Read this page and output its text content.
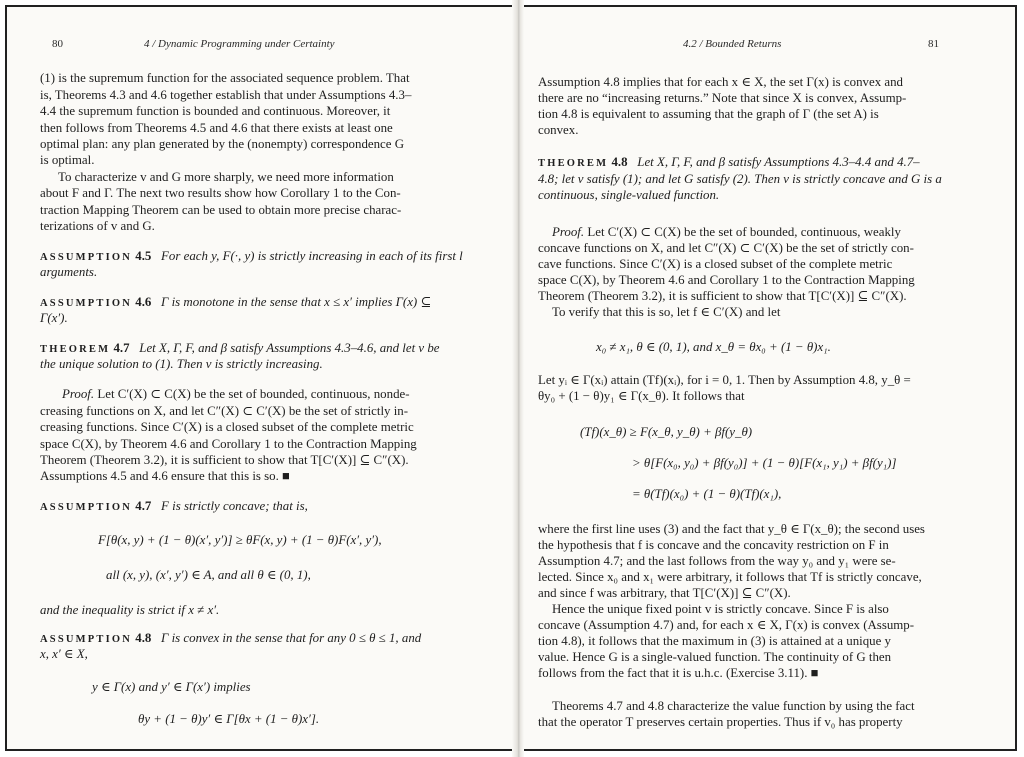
80	4 / Dynamic Programming under Certainty
(1) is the supremum function for the associated sequence problem. That
is, Theorems 4.3 and 4.6 together establish that under Assumptions 4.3–
4.4 the supremum function is bounded and continuous. Moreover, it
then follows from Theorems 4.5 and 4.6 that there exists at least one
optimal plan: any plan generated by the (nonempty) correspondence G
is optimal.
To characterize v and G more sharply, we need more information
about F and Γ. The next two results show how Corollary 1 to the Con-
traction Mapping Theorem can be used to obtain more precise charac-
terizations of v and G.
ASSUMPTION 4.5 For each y, F(·, y) is strictly increasing in each of its first l
arguments.
ASSUMPTION 4.6 Γ is monotone in the sense that x ≤ x′ implies Γ(x) ⊆
Γ(x′).
THEOREM 4.7 Let X, Γ, F, and β satisfy Assumptions 4.3–4.6, and let v be
the unique solution to (1). Then v is strictly increasing.
Proof. Let C′(X) ⊂ C(X) be the set of bounded, continuous, nonde-
creasing functions on X, and let C″(X) ⊂ C′(X) be the set of strictly in-
creasing functions. Since C′(X) is a closed subset of the complete metric
space C(X), by Theorem 4.6 and Corollary 1 to the Contraction Mapping
Theorem (Theorem 3.2), it is sufficient to show that T[C′(X)] ⊆ C″(X).
Assumptions 4.5 and 4.6 ensure that this is so. ■
ASSUMPTION 4.7 F is strictly concave; that is,
F[θ(x, y) + (1 − θ)(x′, y′)] ≥ θF(x, y) + (1 − θ)F(x′, y′),
all (x, y), (x′, y′) ∈ A, and all θ ∈ (0, 1),
and the inequality is strict if x ≠ x′.
ASSUMPTION 4.8 Γ is convex in the sense that for any 0 ≤ θ ≤ 1, and
x, x′ ∈ X,
y ∈ Γ(x) and y′ ∈ Γ(x′) implies
θy + (1 − θ)y′ ∈ Γ[θx + (1 − θ)x′].
4.2 / Bounded Returns	81
Assumption 4.8 implies that for each x ∈ X, the set Γ(x) is convex and
there are no “increasing returns.” Note that since X is convex, Assump-
tion 4.8 is equivalent to assuming that the graph of Γ (the set A) is
convex.
THEOREM 4.8 Let X, Γ, F, and β satisfy Assumptions 4.3–4.4 and 4.7–
4.8; let v satisfy (1); and let G satisfy (2). Then v is strictly concave and G is a
continuous, single-valued function.
Proof. Let C′(X) ⊂ C(X) be the set of bounded, continuous, weakly
concave functions on X, and let C″(X) ⊂ C′(X) be the set of strictly con-
cave functions. Since C′(X) is a closed subset of the complete metric
space C(X), by Theorem 4.6 and Corollary 1 to the Contraction Mapping
Theorem (Theorem 3.2), it is sufficient to show that T[C′(X)] ⊆ C″(X).
To verify that this is so, let f ∈ C′(X) and let
x₀ ≠ x₁, θ ∈ (0, 1), and x_θ = θx₀ + (1 − θ)x₁.
Let yᵢ ∈ Γ(xᵢ) attain (Tf)(xᵢ), for i = 0, 1. Then by Assumption 4.8, y_θ =
θy₀ + (1 − θ)y₁ ∈ Γ(x_θ). It follows that
(Tf)(x_θ) ≥ F(x_θ, y_θ) + βf(y_θ)
> θ[F(x₀, y₀) + βf(y₀)] + (1 − θ)[F(x₁, y₁) + βf(y₁)]
= θ(Tf)(x₀) + (1 − θ)(Tf)(x₁),
where the first line uses (3) and the fact that y_θ ∈ Γ(x_θ); the second uses
the hypothesis that f is concave and the concavity restriction on F in
Assumption 4.7; and the last follows from the way y₀ and y₁ were se-
lected. Since x₀ and x₁ were arbitrary, it follows that Tf is strictly concave,
and since f was arbitrary, that T[C′(X)] ⊆ C″(X).
Hence the unique fixed point v is strictly concave. Since F is also
concave (Assumption 4.7) and, for each x ∈ X, Γ(x) is convex (Assump-
tion 4.8), it follows that the maximum in (3) is attained at a unique y
value. Hence G is a single-valued function. The continuity of G then
follows from the fact that it is u.h.c. (Exercise 3.11). ■
Theorems 4.7 and 4.8 characterize the value function by using the fact
that the operator T preserves certain properties. Thus if v₀ has property
